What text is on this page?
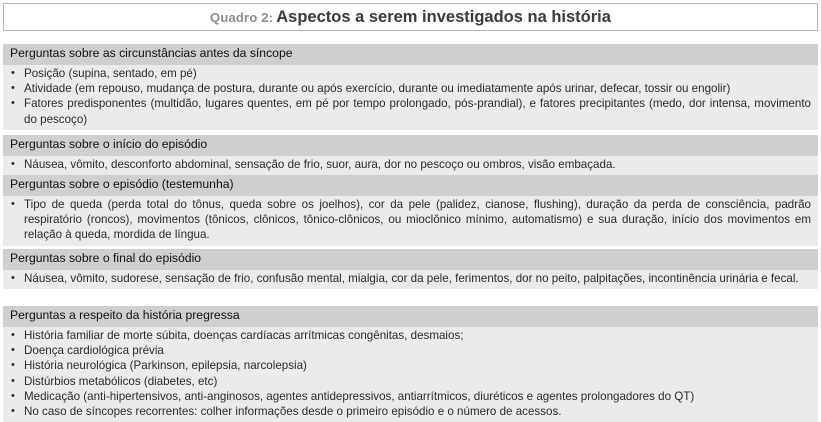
Quadro 2: Aspectos a serem investigados na história
Perguntas sobre as circunstâncias antes da síncope
• Posição (supina, sentado, em pé)
• Atividade (em repouso, mudança de postura, durante ou após exercício, durante ou imediatamente após urinar, defecar, tossir ou engolir)
• Fatores predisponentes (multidão, lugares quentes, em pé por tempo prolongado, pós-prandial), e fatores precipitantes (medo, dor intensa, movimento do pescoço)
Perguntas sobre o início do episódio
• Náusea, vômito, desconforto abdominal, sensação de frio, suor, aura, dor no pescoço ou ombros, visão embaçada.
Perguntas sobre o episódio (testemunha)
• Tipo de queda (perda total do tônus, queda sobre os joelhos), cor da pele (palidez, cianose, flushing), duração da perda de consciência, padrão respiratório (roncos), movimentos (tônicos, clônicos, tônico-clônicos, ou mioclônico mínimo, automatismo) e sua duração, início dos movimentos em relação à queda, mordida de língua.
Perguntas sobre o final do episódio
• Náusea, vômito, sudorese, sensação de frio, confusão mental, mialgia, cor da pele, ferimentos, dor no peito, palpitações, incontinência urinária e fecal.
Perguntas a respeito da história pregressa
• História familiar de morte súbita, doenças cardíacas arrítmicas congênitas, desmaios;
• Doença cardiológica prévia
• História neurológica (Parkinson, epilepsia, narcolepsia)
• Distúrbios metabólicos (diabetes, etc)
• Medicação (anti-hipertensivos, anti-anginosos, agentes antidepressivos, antiarrítmicos, diuréticos e agentes prolongadores do QT)
• No caso de síncopes recorrentes: colher informações desde o primeiro episódio e o número de acessos.
